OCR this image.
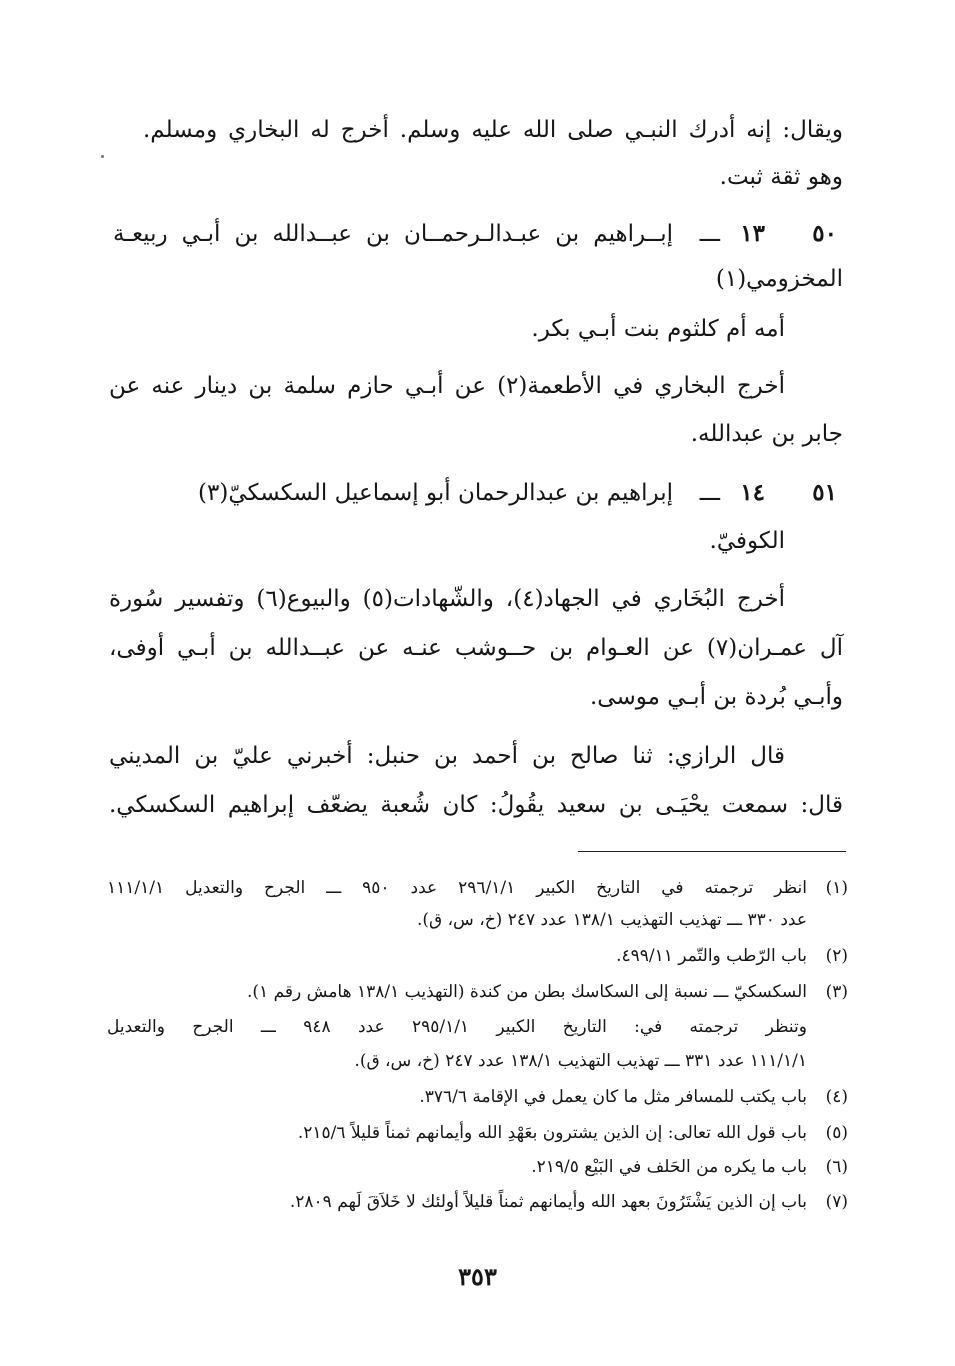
ويقال: إنه أدرك النبـي صلى الله عليه وسلم. أخرج له البخاري ومسلم.
وهو ثقة ثبت.
٥٠
١٣
ـــ
إبــراهيم بن عبـدالـرحمــان بن عبــدالله بن أبـي ربيعـة
المخزومي(١)
أمه أم كلثوم بنت أبـي بكر.
أخرج البخاري في الأطعمة(٢) عن أبـي حازم سلمة بن دينار عنه عن
جابر بن عبدالله.
٥١
١٤
ـــ
إبراهيم بن عبدالرحمان أبو إسماعيل السكسكيّ(٣)
الكوفيّ.
أخرج البُخَاري في الجهاد(٤)، والشّهادات(٥) والبيوع(٦) وتفسير سُورة
آل عمـران(٧) عن العـوام بن حــوشب عنـه عن عبــدالله بن أبـي أوفى،
وأبـي بُردة بن أبـي موسى.
قال الرازي: ثنا صالح بن أحمد بن حنبل: أخبرني عليّ بن المديني
قال: سمعت يحْيَـى بن سعيد يقُولُ: كان شُعبة يضعّف إبراهيم السكسكي.
(١)
انظر ترجمته في التاريخ الكبير ٢٩٦/١/١ عدد ٩٥٠ ـــ الجرح والتعديل ١١١/١/١
عدد ٣٣٠ ـــ تهذيب التهذيب ١٣٨/١ عدد ٢٤٧ (خ، س، ق).
(٢)
باب الرّطب والتّمر ٤٩٩/١١.
(٣)
السكسكيّ ـــ نسبة إلى السكاسك بطن من كندة (التهذيب ١٣٨/١ هامش رقم ١).
وتنظر ترجمته في: التاريخ الكبير ٢٩٥/١/١ عدد ٩٤٨ ـــ الجرح والتعديل
١١١/١/١ عدد ٣٣١ ـــ تهذيب التهذيب ١٣٨/١ عدد ٢٤٧ (خ، س، ق).
(٤)
باب يكتب للمسافر مثل ما كان يعمل في الإقامة ٣٧٦/٦.
(٥)
باب قول الله تعالى: إن الذين يشترون بعَهْدِ الله وأيمانهم ثمناً قليلاً ٢١٥/٦.
(٦)
باب ما يكره من الحَلف في البَيْع ٢١٩/٥.
(٧)
باب إن الذين يَشْتَرُونَ بعهد الله وأيمانهم ثمناً قليلاً أولئك لا خَلاَقَ لَهم ٢٨٠٩.
٣٥٣
